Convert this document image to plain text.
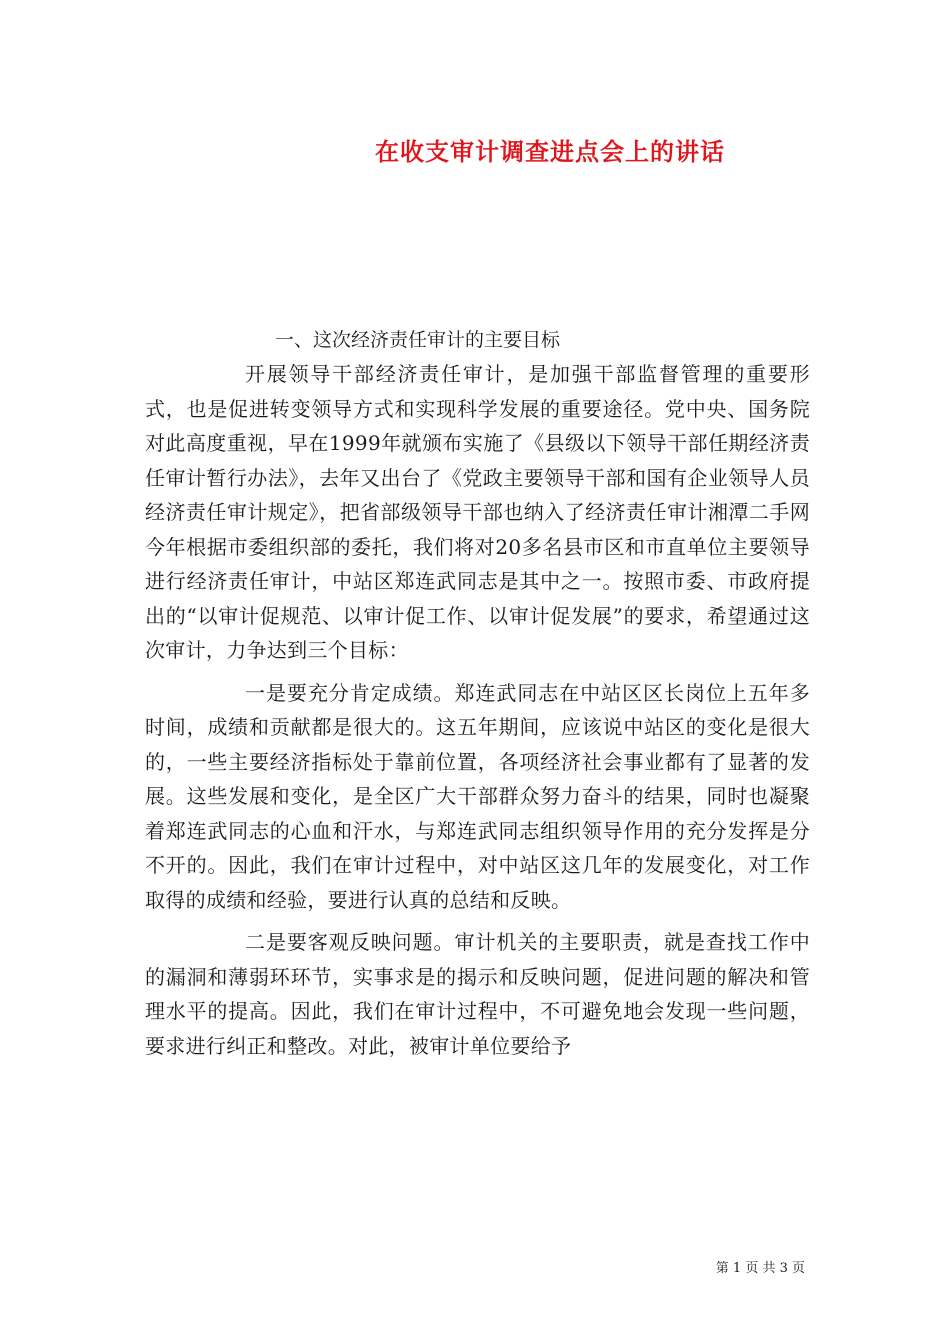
在收支审计调查进点会上的讲话

一、这次经济责任审计的主要目标

开展领导干部经济责任审计，是加强干部监督管理的重要形式，也是促进转变领导方式和实现科学发展的重要途径。党中央、国务院对此高度重视，早在1999年就颁布实施了《县级以下领导干部任期经济责任审计暂行办法》，去年又出台了《党政主要领导干部和国有企业领导人员经济责任审计规定》，把省部级领导干部也纳入了经济责任审计湘潭二手网今年根据市委组织部的委托，我们将对20多名县市区和市直单位主要领导进行经济责任审计，中站区郑连武同志是其中之一。按照市委、市政府提出的“以审计促规范、以审计促工作、以审计促发展”的要求，希望通过这次审计，力争达到三个目标：

一是要充分肯定成绩。郑连武同志在中站区区长岗位上五年多时间，成绩和贡献都是很大的。这五年期间，应该说中站区的变化是很大的，一些主要经济指标处于靠前位置，各项经济社会事业都有了显著的发展。这些发展和变化，是全区广大干部群众努力奋斗的结果，同时也凝聚着郑连武同志的心血和汗水，与郑连武同志组织领导作用的充分发挥是分不开的。因此，我们在审计过程中，对中站区这几年的发展变化，对工作取得的成绩和经验，要进行认真的总结和反映。

二是要客观反映问题。审计机关的主要职责，就是查找工作中的漏洞和薄弱环环节，实事求是的揭示和反映问题，促进问题的解决和管理水平的提高。因此，我们在审计过程中，不可避免地会发现一些问题，要求进行纠正和整改。对此，被审计单位要给予

第 1 页 共 3 页
